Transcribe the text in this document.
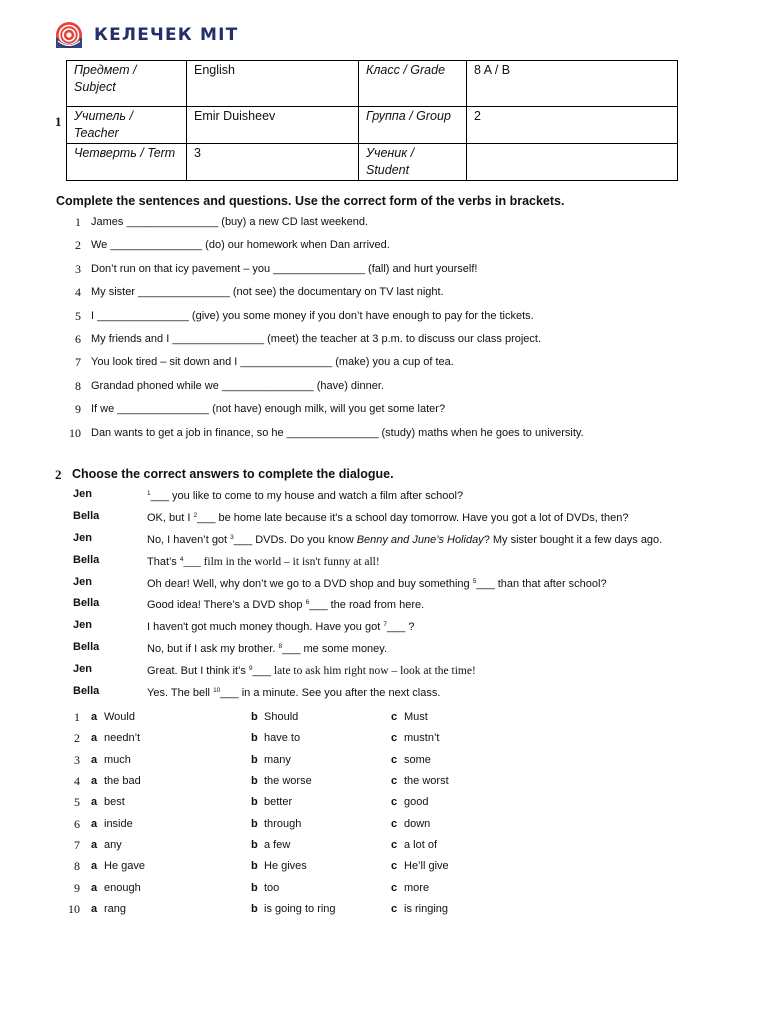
КЕЛЕЧЕК МІТ
1
Предмет / Subject	English	Класс / Grade	8 A / B
Учитель / Teacher	Emir Duisheev	Группа / Group	2
Четверть / Term	3	Ученик / Student	
Complete the sentences and questions. Use the correct form of the verbs in brackets.
1 James _______________ (buy) a new CD last weekend.
2 We _______________ (do) our homework when Dan arrived.
3 Don’t run on that icy pavement – you _______________ (fall) and hurt yourself!
4 My sister _______________ (not see) the documentary on TV last night.
5 I _______________ (give) you some money if you don’t have enough to pay for the tickets.
6 My friends and I _______________ (meet) the teacher at 3 p.m. to discuss our class project.
7 You look tired – sit down and I _______________ (make) you a cup of tea.
8 Grandad phoned while we _______________ (have) dinner.
9 If we _______________ (not have) enough milk, will you get some later?
10 Dan wants to get a job in finance, so he _______________ (study) maths when he goes to university.
2 Choose the correct answers to complete the dialogue.
Jen	$^1$___ you like to come to my house and watch a film after school?
Bella	OK, but I $^2$___ be home late because it's a school day tomorrow. Have you got a lot of DVDs, then?
Jen	No, I haven’t got $^3$___ DVDs. Do you know Benny and June’s Holiday? My sister bought it a few days ago.
Bella	That’s $^4$___ film in the world – it isn't funny at all!
Jen	Oh dear! Well, why don’t we go to a DVD shop and buy something $^5$___ than that after school?
Bella	Good idea! There’s a DVD shop $^6$___ the road from here.
Jen	I haven't got much money though. Have you got $^7$___ ?
Bella	No, but if I ask my brother. $^8$___ me some money.
Jen	Great. But I think it’s $^9$___ late to ask him right now – look at the time!
Bella	Yes. The bell $^{10}$___ in a minute. See you after the next class.
1 a Would	b Should	c Must
2 a needn’t	b have to	c mustn’t
3 a much	b many	c some
4 a the bad	b the worse	c the worst
5 a best	b better	c good
6 a inside	b through	c down
7 a any	b a few	c a lot of
8 a He gave	b He gives	c He’ll give
9 a enough	b too	c more
10 a rang	b is going to ring	c is ringing
